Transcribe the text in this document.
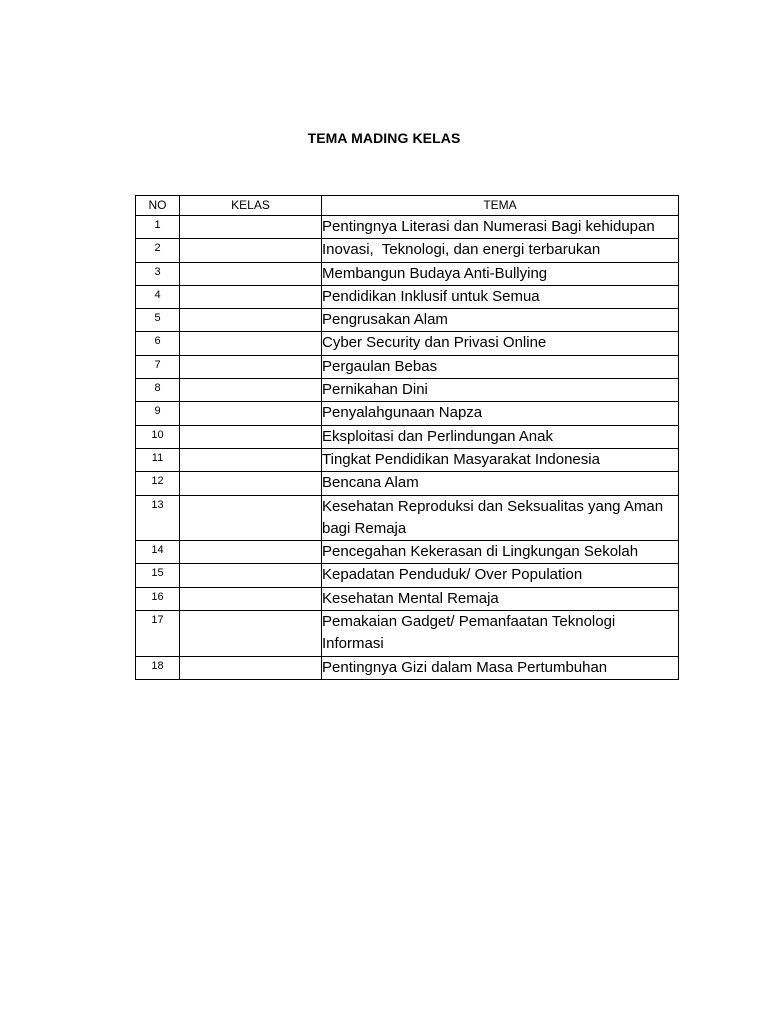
TEMA MADING KELAS
NO	KELAS	TEMA
1		Pentingnya Literasi dan Numerasi Bagi kehidupan
2		Inovasi,  Teknologi, dan energi terbarukan
3		Membangun Budaya Anti-Bullying
4		Pendidikan Inklusif untuk Semua
5		Pengrusakan Alam
6		Cyber Security dan Privasi Online
7		Pergaulan Bebas
8		Pernikahan Dini
9		Penyalahgunaan Napza
10		Eksploitasi dan Perlindungan Anak
11		Tingkat Pendidikan Masyarakat Indonesia
12		Bencana Alam
13		Kesehatan Reproduksi dan Seksualitas yang Aman bagi Remaja
14		Pencegahan Kekerasan di Lingkungan Sekolah
15		Kepadatan Penduduk/ Over Population
16		Kesehatan Mental Remaja
17		Pemakaian Gadget/ Pemanfaatan Teknologi Informasi
18		Pentingnya Gizi dalam Masa Pertumbuhan
